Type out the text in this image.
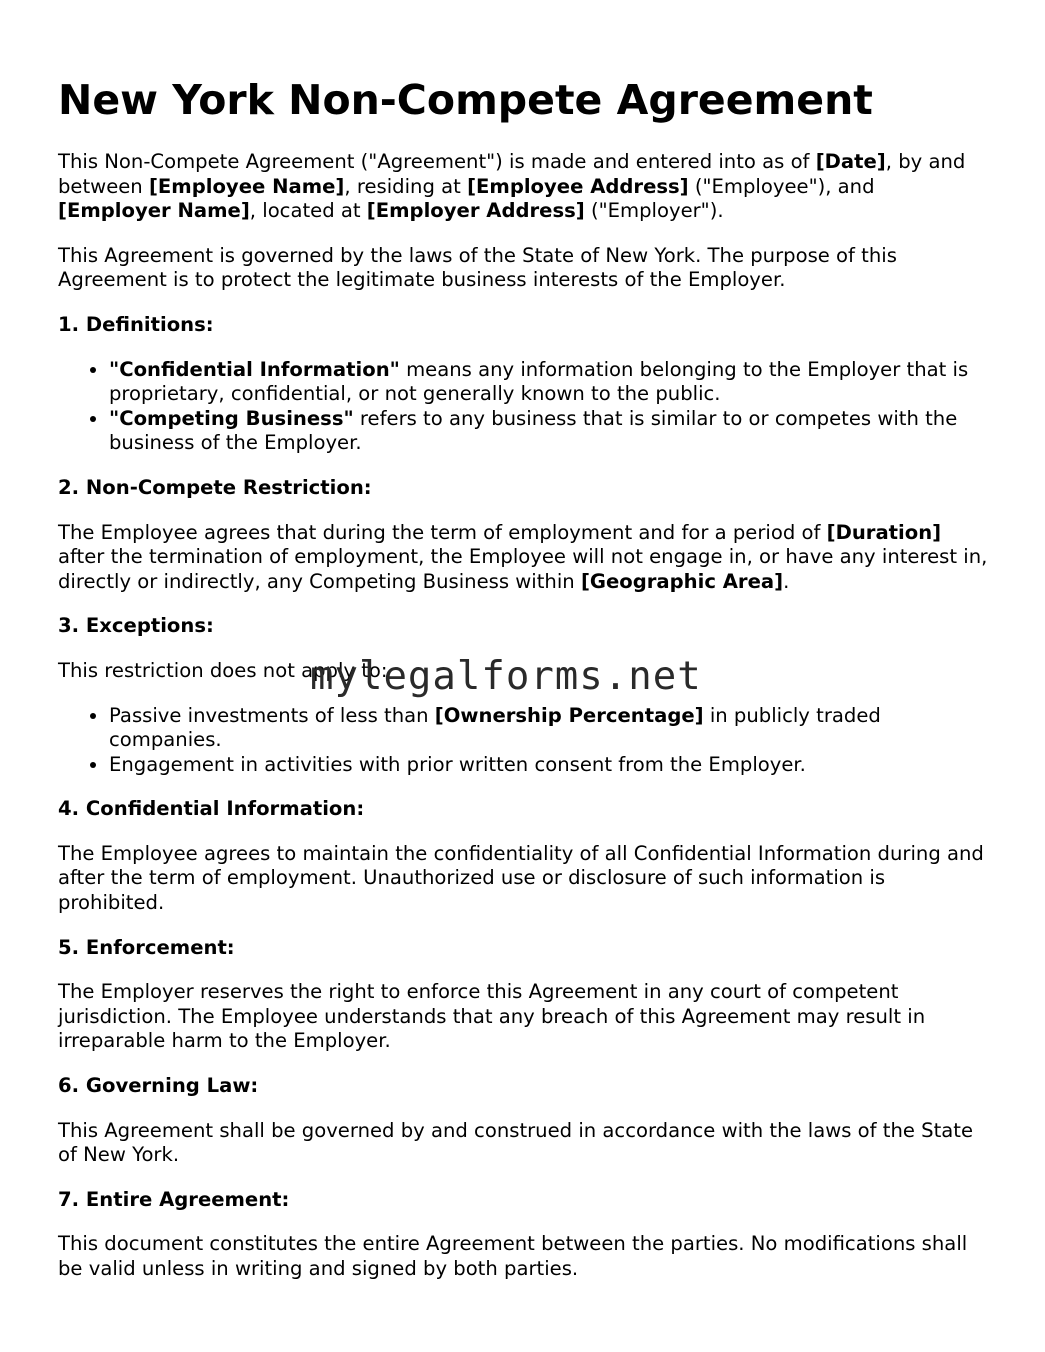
New York Non-Compete Agreement

This Non-Compete Agreement ("Agreement") is made and entered into as of [Date], by and between [Employee Name], residing at [Employee Address] ("Employee"), and [Employer Name], located at [Employer Address] ("Employer").

This Agreement is governed by the laws of the State of New York. The purpose of this Agreement is to protect the legitimate business interests of the Employer.

1. Definitions:
• "Confidential Information" means any information belonging to the Employer that is proprietary, confidential, or not generally known to the public.
• "Competing Business" refers to any business that is similar to or competes with the business of the Employer.
2. Non-Compete Restriction:

The Employee agrees that during the term of employment and for a period of [Duration] after the termination of employment, the Employee will not engage in, or have any interest in, directly or indirectly, any Competing Business within [Geographic Area].

3. Exceptions:

This restriction does not apply to:

• Passive investments of less than [Ownership Percentage] in publicly traded companies.
• Engagement in activities with prior written consent from the Employer.
4. Confidential Information:

The Employee agrees to maintain the confidentiality of all Confidential Information during and after the term of employment. Unauthorized use or disclosure of such information is prohibited.

5. Enforcement:

The Employer reserves the right to enforce this Agreement in any court of competent jurisdiction. The Employee understands that any breach of this Agreement may result in irreparable harm to the Employer.

6. Governing Law:

This Agreement shall be governed by and construed in accordance with the laws of the State of New York.

7. Entire Agreement:

This document constitutes the entire Agreement between the parties. No modifications shall be valid unless in writing and signed by both parties.

mylegalforms.net
